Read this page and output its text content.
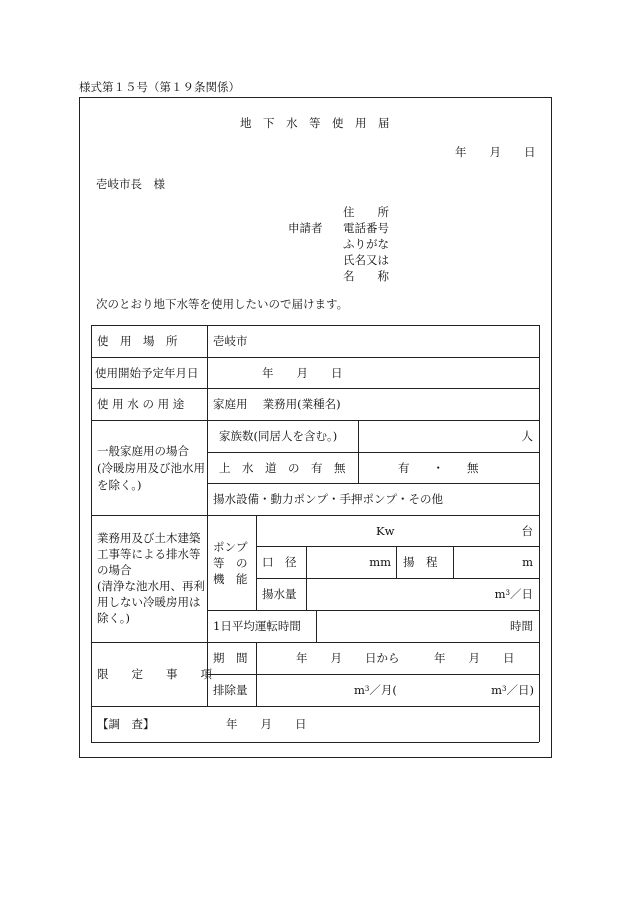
様式第１５号（第１９条関係）
地　下　水　等　使　用　届
年　　月　　日
壱岐市長　様
申請者
住　　所
電話番号
ふりがな
氏名又は
名　　称
次のとおり地下水等を使用したいので届けます。
使　用　場　所	壱岐市
使用開始予定年月日	年　　月　　日
使 用 水 の 用 途 家庭用　 業務用(業種名)
一般家庭用の場合
(冷暖房用及び池水用
を除く。)
家族数(同居人を含む。)	人
上　水　道　の　有　無	有　　・　　無
揚水設備・動力ポンプ・手押ポンプ・その他
業務用及び土木建築
工事等による排水等
の場合
(清浄な池水用、再利
用しない冷暖房用は
除く。)
ポンプ
等　の
機　能
Kw	台
口　径	mm 揚　程	m
揚水量	$m^3$ ／日
1日平均運転時間	時間
限　　定　　事　　項
期　間	年　　月　　日から　　　年　　月　　日
排除量	$m^3$ ／月(	$m^3$ ／日)
【調　査】	年　　月　　日
